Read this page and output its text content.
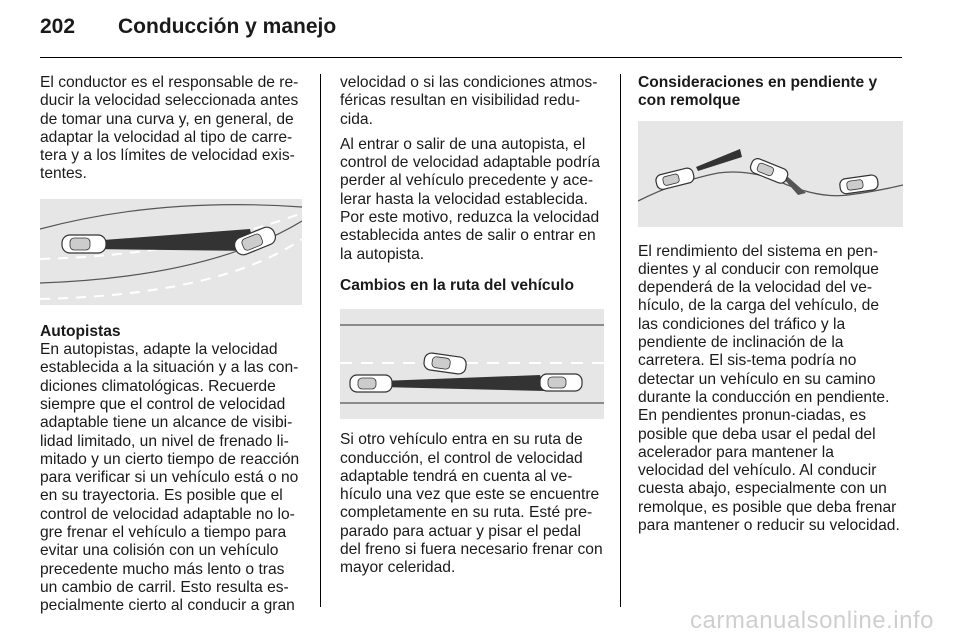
202 Conducción y manejo

El conductor es el responsable de re-ducir la velocidad seleccionada antes de tomar una curva y, en general, de adaptar la velocidad al tipo de carre-tera y a los límites de velocidad exis-tentes.

Autopistas

En autopistas, adapte la velocidad establecida a la situación y a las con-diciones climatológicas. Recuerde siempre que el control de velocidad adaptable tiene un alcance de visibi-lidad limitado, un nivel de frenado li-mitado y un cierto tiempo de reacción para verificar si un vehículo está o no en su trayectoria. Es posible que el control de velocidad adaptable no lo-gre frenar el vehículo a tiempo para evitar una colisión con un vehículo precedente mucho más lento o tras un cambio de carril. Esto resulta es-pecialmente cierto al conducir a gran

velocidad o si las condiciones atmos-féricas resultan en visibilidad redu-cida.

Al entrar o salir de una autopista, el control de velocidad adaptable podría perder al vehículo precedente y ace-lerar hasta la velocidad establecida. Por este motivo, reduzca la velocidad establecida antes de salir o entrar en la autopista.

Cambios en la ruta del vehículo

Si otro vehículo entra en su ruta de conducción, el control de velocidad adaptable tendrá en cuenta al ve-hículo una vez que este se encuentre completamente en su ruta. Esté pre-parado para actuar y pisar el pedal del freno si fuera necesario frenar con mayor celeridad.

Consideraciones en pendiente y con remolque

El rendimiento del sistema en pen-dientes y al conducir con remolque dependerá de la velocidad del ve-hículo, de la carga del vehículo, de las condiciones del tráfico y la pendiente de inclinación de la carretera. El sis-tema podría no detectar un vehículo en su camino durante la conducción en pendiente. En pendientes pronun-ciadas, es posible que deba usar el pedal del acelerador para mantener la velocidad del vehículo. Al conducir cuesta abajo, especialmente con un remolque, es posible que deba frenar para mantener o reducir su velocidad.

carmanualsonline.info
